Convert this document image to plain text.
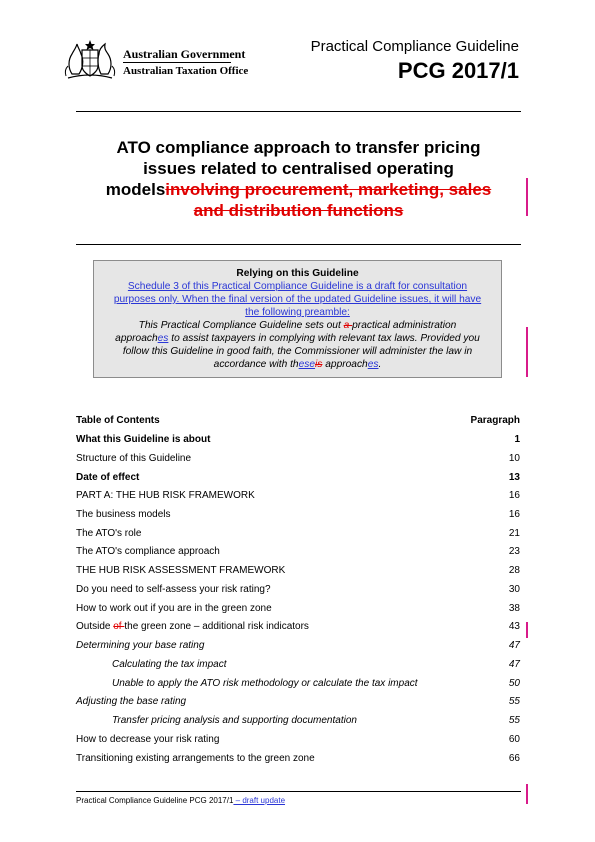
Australian Government
Australian Taxation Office
Practical Compliance Guideline
PCG 2017/1
ATO compliance approach to transfer pricing
issues related to centralised operating
modelsinvolving procurement, marketing, sales
and distribution functions
Relying on this Guideline
Schedule 3 of this Practical Compliance Guideline is a draft for consultation
purposes only. When the final version of the updated Guideline issues, it will have
the following preamble:
This Practical Compliance Guideline sets out a practical administration
approaches to assist taxpayers in complying with relevant tax laws. Provided you
follow this Guideline in good faith, the Commissioner will administer the law in
accordance with theseis approaches.
Table of Contents	Paragraph
What this Guideline is about	1
Structure of this Guideline	10
Date of effect	13
PART A: THE HUB RISK FRAMEWORK	16
The business models	16
The ATO's role	21
The ATO's compliance approach	23
THE HUB RISK ASSESSMENT FRAMEWORK	28
Do you need to self-assess your risk rating?	30
How to work out if you are in the green zone	38
Outside of the green zone – additional risk indicators	43
Determining your base rating	47
Calculating the tax impact	47
Unable to apply the ATO risk methodology or calculate the tax impact	50
Adjusting the base rating	55
Transfer pricing analysis and supporting documentation	55
How to decrease your risk rating	60
Transitioning existing arrangements to the green zone	66
Practical Compliance Guideline PCG 2017/1 – draft update
